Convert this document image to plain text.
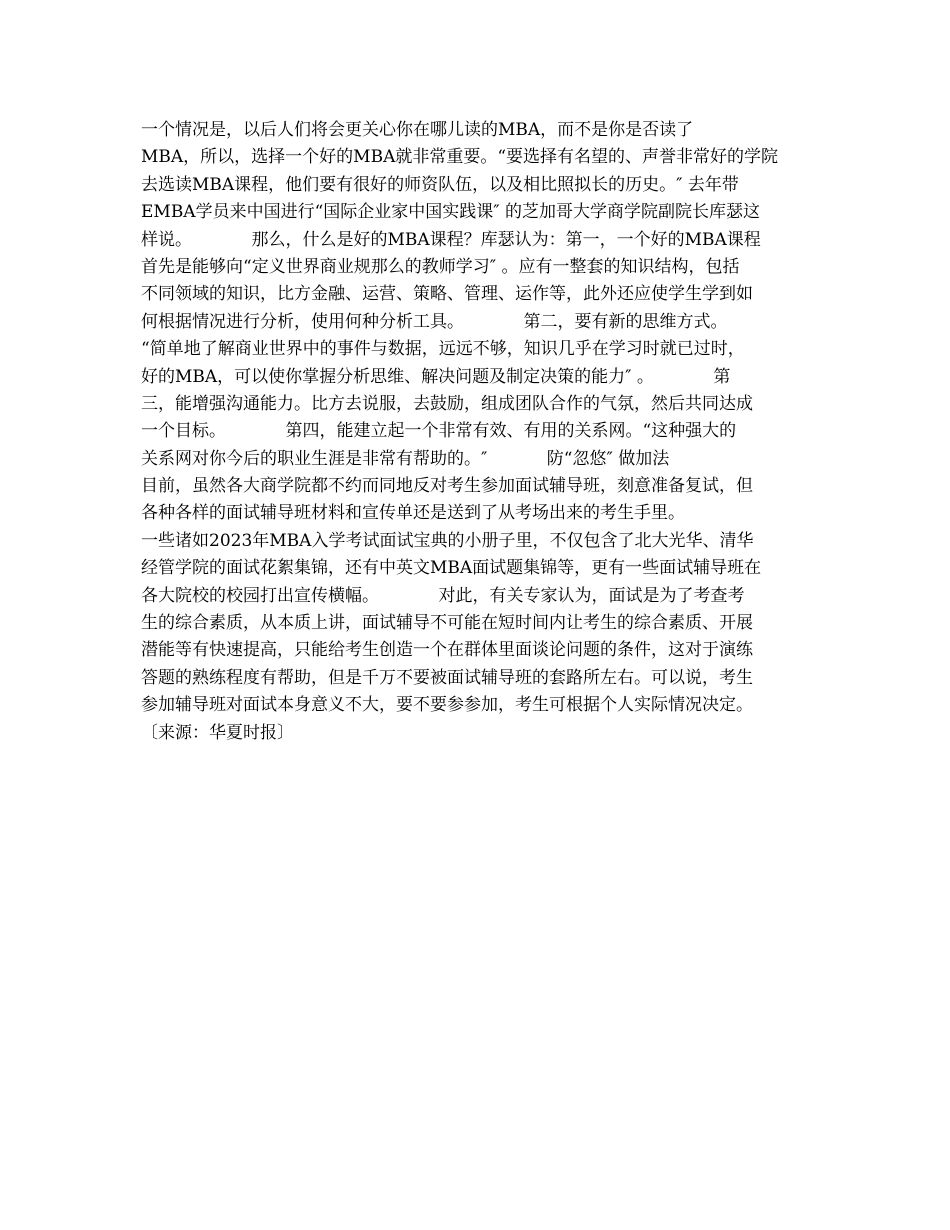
一个情况是，以后人们将会更关心你在哪儿读的MBA，而不是你是否读了
MBA，所以，选择一个好的MBA就非常重要。“要选择有名望的、声誉非常好的学院
去选读MBA课程，他们要有很好的师资队伍，以及相比照拟长的历史。″ 去年带
EMBA学员来中国进行“国际企业家中国实践课″ 的芝加哥大学商学院副院长库瑟这
样说。           那么，什么是好的MBA课程？库瑟认为：第一，一个好的MBA课程
首先是能够向“定义世界商业规那么的教师学习″ 。应有一整套的知识结构，包括
不同领域的知识，比方金融、运营、策略、管理、运作等，此外还应使学生学到如
何根据情况进行分析，使用何种分析工具。           第二，要有新的思维方式。
“简单地了解商业世界中的事件与数据，远远不够，知识几乎在学习时就已过时，
好的MBA，可以使你掌握分析思维、解决问题及制定决策的能力″ 。           第
三，能增强沟通能力。比方去说服，去鼓励，组成团队合作的气氛，然后共同达成
一个目标。           第四，能建立起一个非常有效、有用的关系网。“这种强大的
关系网对你今后的职业生涯是非常有帮助的。″           防“忽悠″ 做加法
目前，虽然各大商学院都不约而同地反对考生参加面试辅导班，刻意准备复试，但
各种各样的面试辅导班材料和宣传单还是送到了从考场出来的考生手里。
一些诸如2023年MBA入学考试面试宝典的小册子里，不仅包含了北大光华、清华
经管学院的面试花絮集锦，还有中英文MBA面试题集锦等，更有一些面试辅导班在
各大院校的校园打出宣传横幅。           对此，有关专家认为，面试是为了考查考
生的综合素质，从本质上讲，面试辅导不可能在短时间内让考生的综合素质、开展
潜能等有快速提高，只能给考生创造一个在群体里面谈论问题的条件，这对于演练
答题的熟练程度有帮助，但是千万不要被面试辅导班的套路所左右。可以说，考生
参加辅导班对面试本身意义不大，要不要参参加，考生可根据个人实际情况决定。
〔来源：华夏时报〕
